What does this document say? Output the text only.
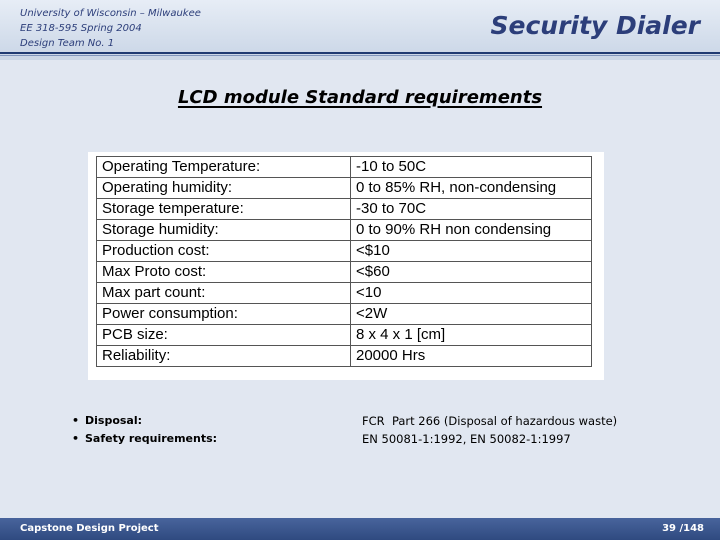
University of Wisconsin – Milwaukee
EE 318-595 Spring 2004
Design Team No. 1
Security Dialer
LCD module Standard requirements
Operating Temperature:	-10 to 50C
Operating humidity:	0 to 85% RH, non-condensing
Storage temperature:	-30 to 70C
Storage humidity:	0 to 90% RH non condensing
Production cost:	<$10
Max Proto cost:	<$60
Max part count:	<10
Power consumption:	<2W
PCB size:	8 x 4 x 1 [cm]
Reliability:	20000 Hrs
• Disposal:
• Safety requirements:
FCR  Part 266 (Disposal of hazardous waste)
EN 50081-1:1992, EN 50082-1:1997
Capstone Design Project	39 /148
